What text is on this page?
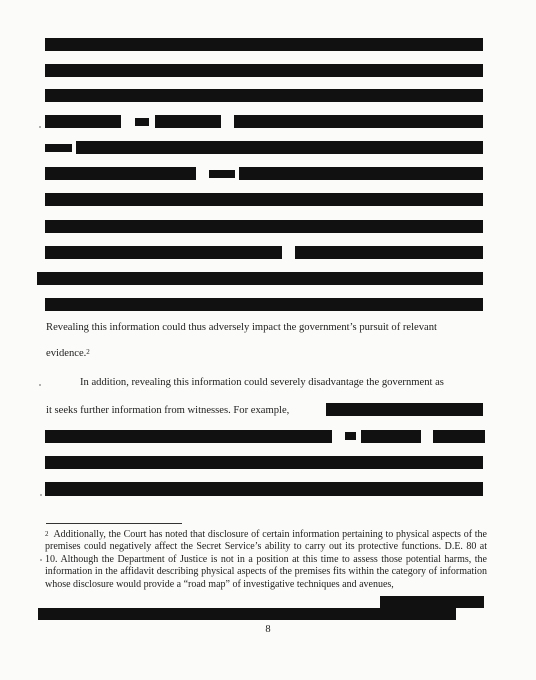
Revealing this information could thus adversely impact the government’s pursuit of relevant

evidence.$^2$

In addition, revealing this information could severely disadvantage the government as

it seeks further information from witnesses. For example,

$^2$ Additionally, the Court has noted that disclosure of certain information pertaining to physical aspects of the premises could negatively affect the Secret Service’s ability to carry out its protective functions. D.E. 80 at 10. Although the Department of Justice is not in a position at this time to assess those potential harms, the information in the affidavit describing physical aspects of the premises fits within the category of information whose disclosure would provide a “road map” of investigative techniques and avenues,

8
